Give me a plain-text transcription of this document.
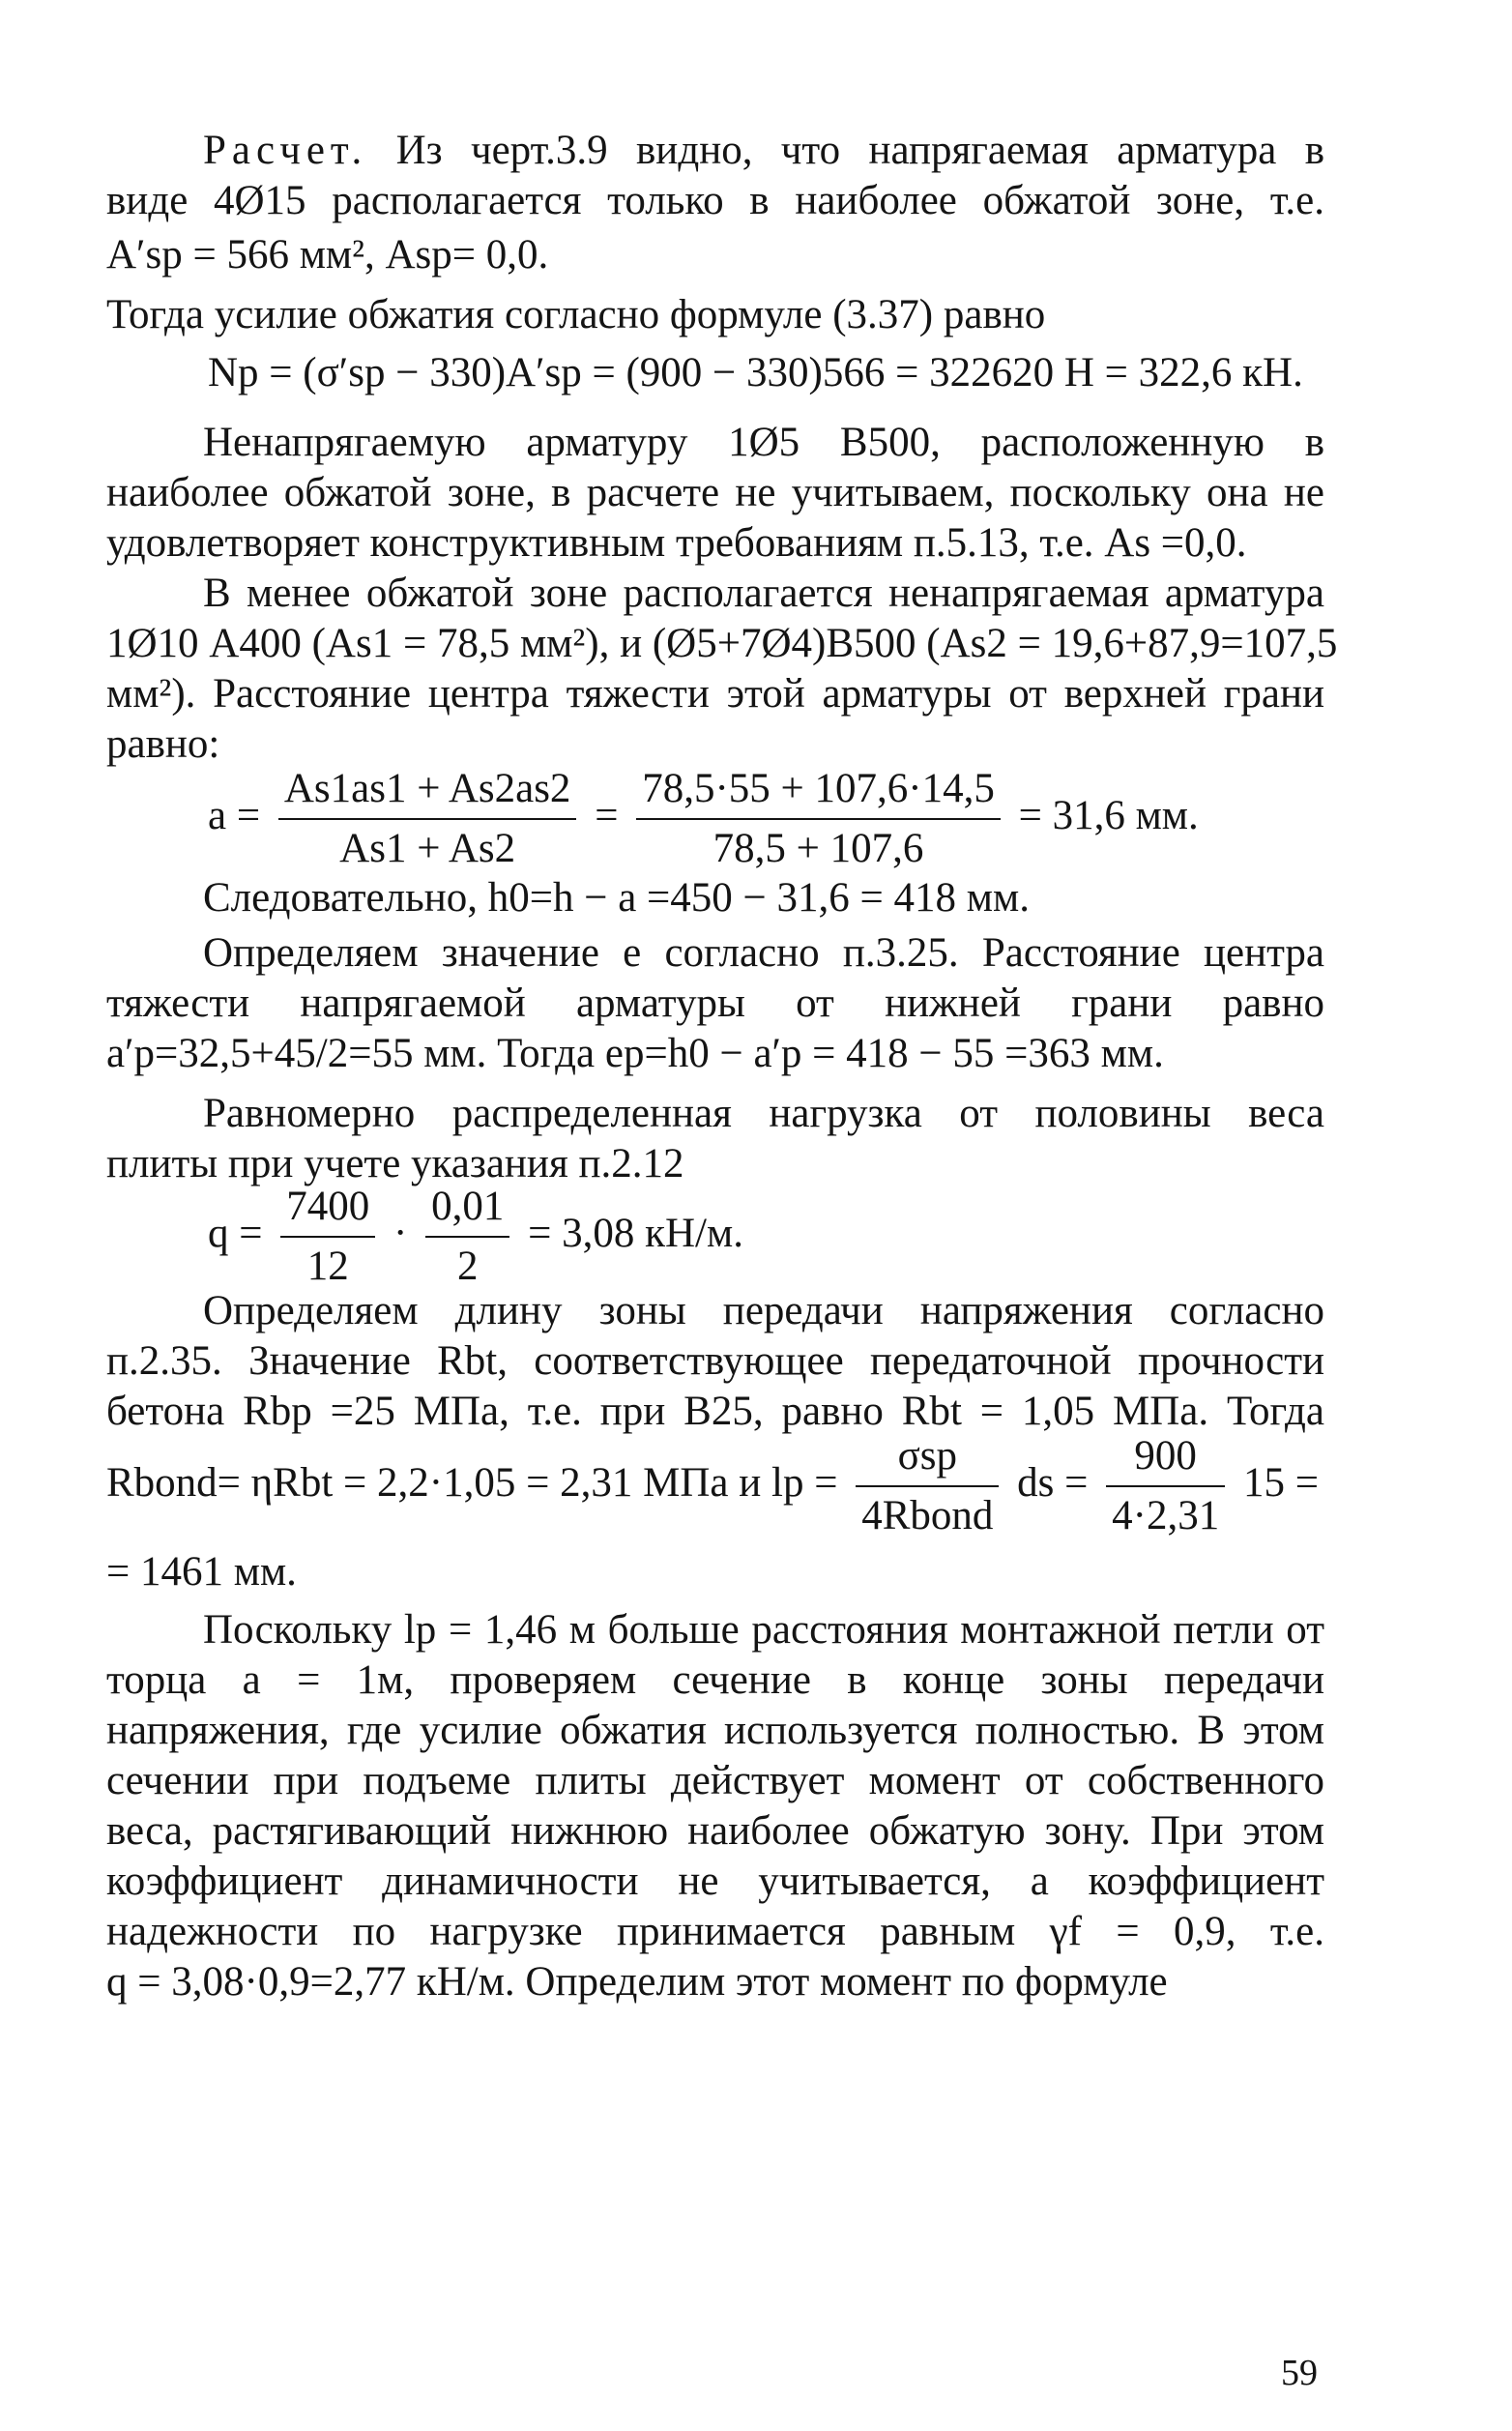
Расчет. Из черт.3.9 видно, что напрягаемая арматура в
виде 4Ø15 располагается только в наиболее обжатой зоне, т.е.
A′sp = 566 мм², Asp= 0,0.
Тогда усилие обжатия согласно формуле (3.37) равно
Np = (σ′sp − 330)A′sp = (900 − 330)566 = 322620 Н = 322,6 кН.
Ненапрягаемую арматуру 1Ø5 В500, расположенную в
наиболее обжатой зоне, в расчете не учитываем, поскольку она не
удовлетворяет конструктивным требованиям п.5.13, т.е. As =0,0.
В менее обжатой зоне располагается ненапрягаемая арматура
1Ø10 А400 (As1 = 78,5 мм²), и (Ø5+7Ø4)В500 (As2 = 19,6+87,9=107,5
мм²). Расстояние центра тяжести этой арматуры от верхней грани
равно:
$a = \frac{As1as1 + As2as2}{As1 + As2} = \frac{78,5\cdot 55 + 107,6\cdot 14,5}{78,5 + 107,6} = 31,6$ мм.
Следовательно, h0=h − a =450 − 31,6 = 418 мм.
Определяем значение e согласно п.3.25. Расстояние центра
тяжести напрягаемой арматуры от нижней грани равно
a′p=32,5+45/2=55 мм. Тогда ep=h0 − a′p = 418 − 55 =363 мм.
Равномерно распределенная нагрузка от половины веса
плиты при учете указания п.2.12
$q = \frac{7400}{12} \cdot \frac{0,01}{2} = 3,08$ кН/м.
Определяем длину зоны передачи напряжения согласно
п.2.35. Значение Rbt, соответствующее передаточной прочности
бетона Rbp =25 МПа, т.е. при В25, равно Rbt = 1,05 МПа. Тогда
Rbond= ηRbt = 2,2·1,05 = 2,31 МПа и lp = $\frac{\text{σsp}}{\text{4Rbond}}$ ds = $\frac{900}{4\cdot 2,31} 15$ =
= 1461 мм.
Поскольку lp = 1,46 м больше расстояния монтажной петли от
торца a = 1м, проверяем сечение в конце зоны передачи
напряжения, где усилие обжатия используется полностью. В этом
сечении при подъеме плиты действует момент от собственного
веса, растягивающий нижнюю наиболее обжатую зону. При этом
коэффициент динамичности не учитывается, а коэффициент
надежности по нагрузке принимается равным γf = 0,9, т.е.
q = 3,08·0,9=2,77 кН/м. Определим этот момент по формуле
59
